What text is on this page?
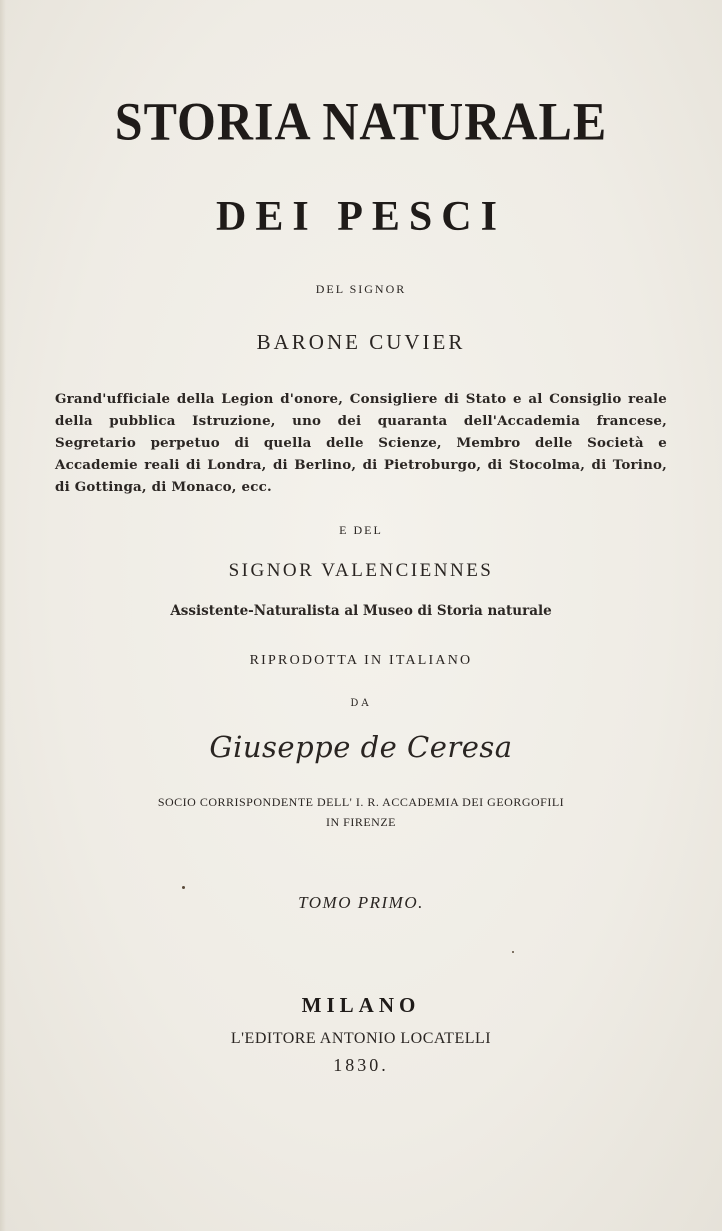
STORIA NATURALE
DEI PESCI
DEL SIGNOR
BARONE CUVIER
Grand'ufficiale della Legion d'onore, Consigliere di Stato e al Consiglio reale della pubblica Istruzione, uno dei quaranta dell'Accademia francese, Segretario perpetuo di quella delle Scienze, Membro delle Società e Accademie reali di Londra, di Berlino, di Pietroburgo, di Stocolma, di Torino, di Gottinga, di Monaco, ecc.
E DEL
SIGNOR VALENCIENNES
Assistente-Naturalista al Museo di Storia naturale
RIPRODOTTA IN ITALIANO
DA
Giuseppe de Ceresa
SOCIO CORRISPONDENTE DELL' I. R. ACCADEMIA DEI GEORGOFILI
IN FIRENZE
TOMO PRIMO.
MILANO
L'EDITORE ANTONIO LOCATELLI
1830.
